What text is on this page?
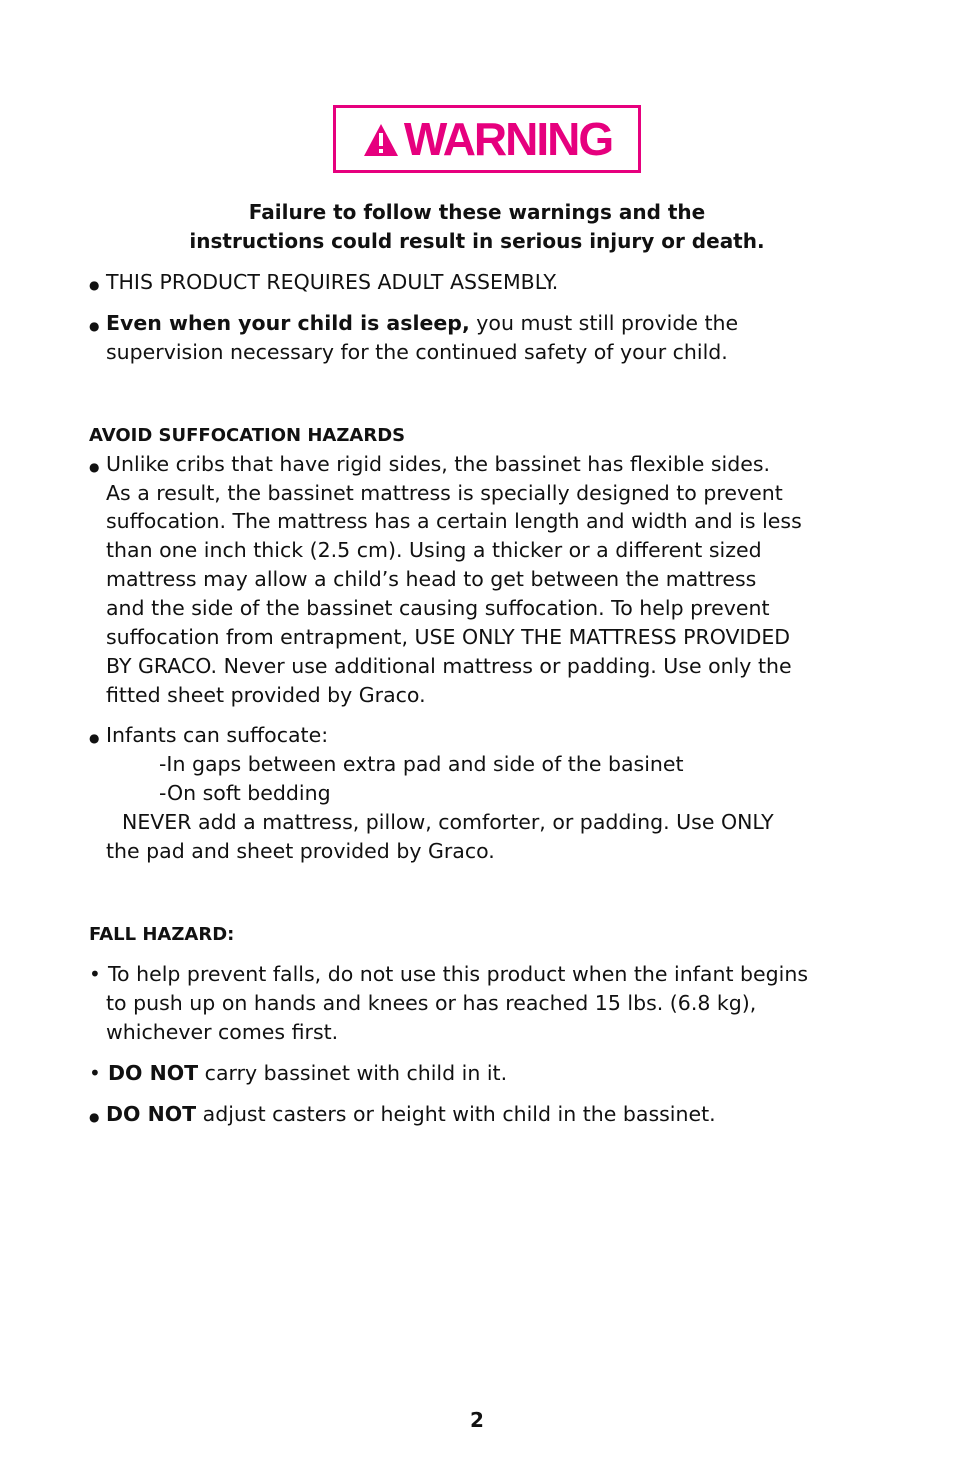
WARNING
Failure to follow these warnings and the
instructions could result in serious injury or death.
● THIS PRODUCT REQUIRES ADULT ASSEMBLY.
● Even when your child is asleep, you must still provide the
supervision necessary for the continued safety of your child.
AVOID SUFFOCATION HAZARDS
● Unlike cribs that have rigid sides, the bassinet has flexible sides.
As a result, the bassinet mattress is specially designed to prevent
suffocation. The mattress has a certain length and width and is less
than one inch thick (2.5 cm). Using a thicker or a different sized
mattress may allow a child’s head to get between the mattress
and the side of the bassinet causing suffocation. To help prevent
suffocation from entrapment, USE ONLY THE MATTRESS PROVIDED
BY GRACO. Never use additional mattress or padding. Use only the
fitted sheet provided by Graco.
● Infants can suffocate:
-In gaps between extra pad and side of the basinet
-On soft bedding
NEVER add a mattress, pillow, comforter, or padding. Use ONLY
the pad and sheet provided by Graco.
FALL HAZARD:
• To help prevent falls, do not use this product when the infant begins
to push up on hands and knees or has reached 15 lbs. (6.8 kg),
whichever comes first.
• DO NOT carry bassinet with child in it.
● DO NOT adjust casters or height with child in the bassinet.
2
